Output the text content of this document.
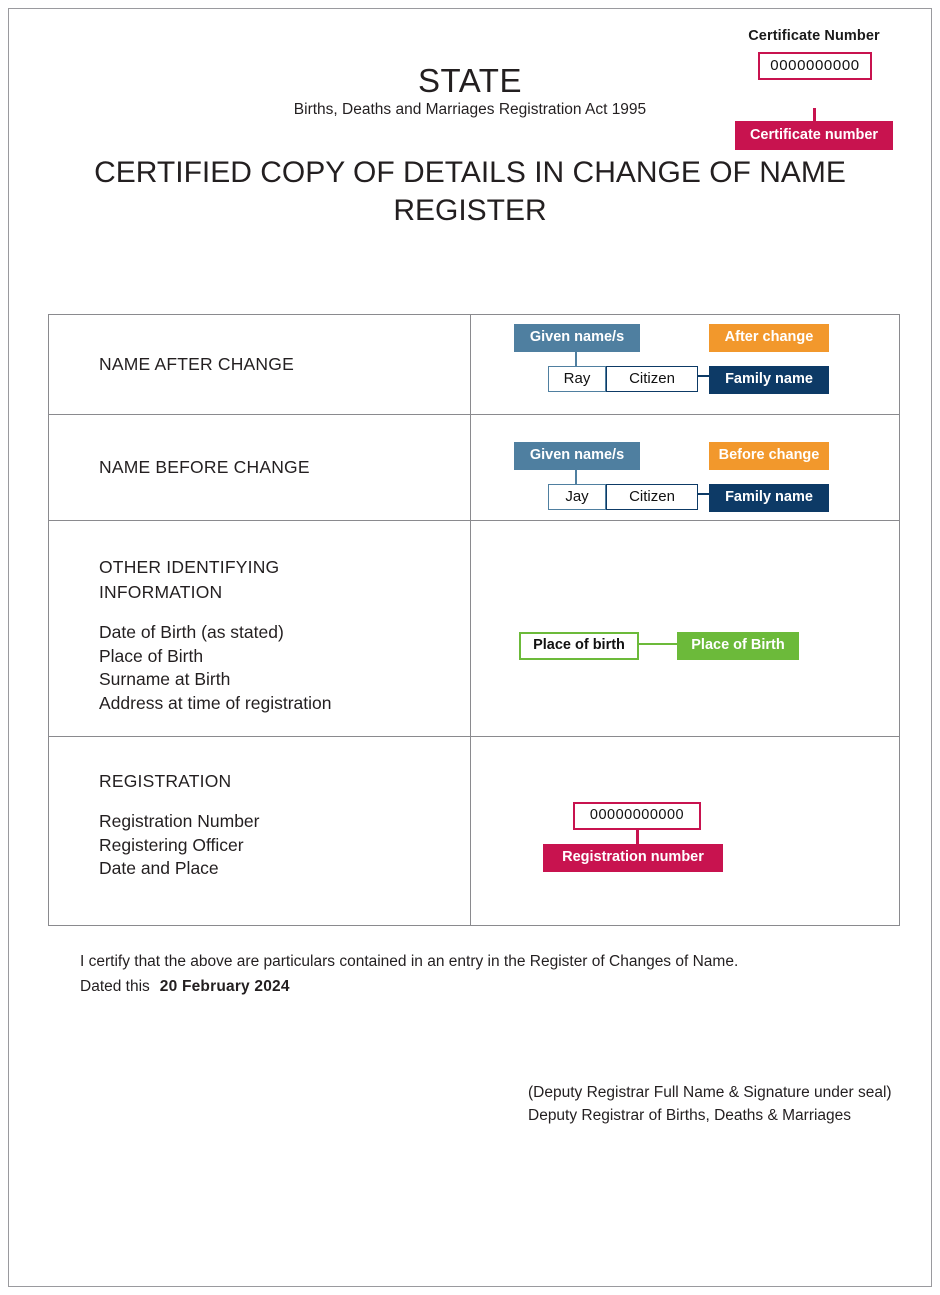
Certificate Number
0000000000
Certificate number
STATE
Births, Deaths and Marriages Registration Act 1995
CERTIFIED COPY OF DETAILS IN CHANGE OF NAME REGISTER
NAME AFTER CHANGE
Given name/s	After change
Ray	Citizen	Family name
NAME BEFORE CHANGE
Given name/s	Before change
Jay	Citizen	Family name
OTHER IDENTIFYING
INFORMATION
Date of Birth (as stated)
Place of Birth
Surname at Birth
Address at time of registration
Place of birth	Place of Birth
REGISTRATION
Registration Number
Registering Officer
Date and Place
00000000000
Registration number
I certify that the above are particulars contained in an entry in the Register of Changes of Name.
Dated this 20 February 2024
(Deputy Registrar Full Name & Signature under seal)
Deputy Registrar of Births, Deaths & Marriages
